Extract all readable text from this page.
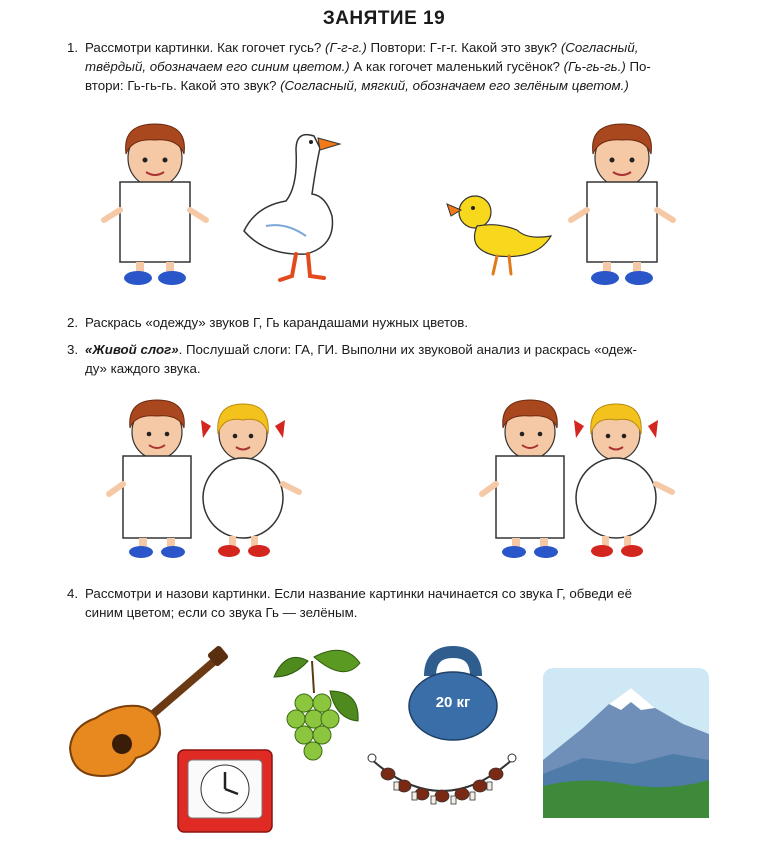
ЗАНЯТИЕ 19
1. Рассмотри картинки. Как гогочет гусь? (Г-г-г.) Повтори: Г-г-г. Какой это звук? (Согласный,
твёрдый, обозначаем его синим цветом.) А как гогочет маленький гусёнок? (Гь-гь-гь.) По-
втори: Гь-гь-гь. Какой это звук? (Согласный, мягкий, обозначаем его зелёным цветом.)
2. Раскрась «одежду» звуков Г, Гь карандашами нужных цветов.
3. «Живой слог». Послушай слоги: ГА, ГИ. Выполни их звуковой анализ и раскрась «одеж-
ду» каждого звука.
4. Рассмотри и назови картинки. Если название картинки начинается со звука Г, обведи её
синим цветом; если со звука Гь — зелёным.
20 кг
